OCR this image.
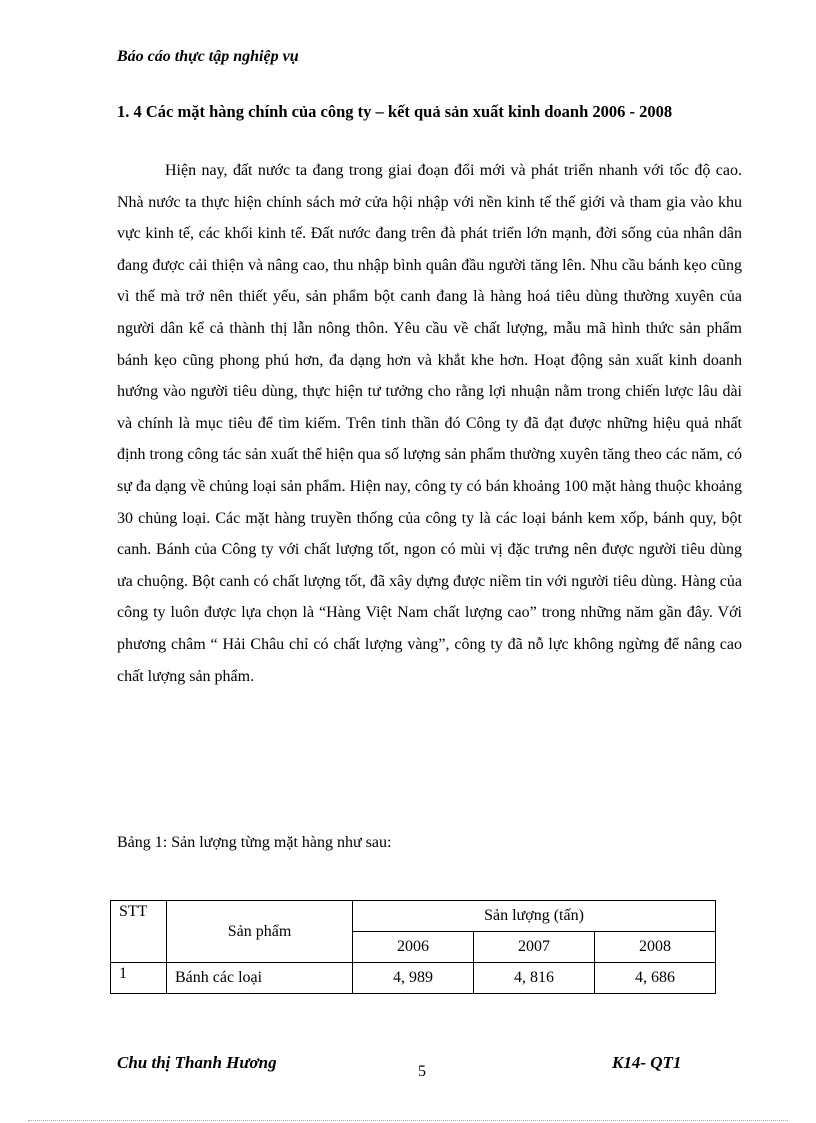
Báo cáo thực tập nghiệp vụ
1. 4 Các mặt hàng chính của công ty – kết quả sản xuất kinh doanh 2006 - 2008
Hiện nay, đất nước ta đang trong giai đoạn đổi mới và phát triển nhanh với tốc độ cao. Nhà nước ta thực hiện chính sách mở cửa hội nhập với nền kinh tế thế giới và tham gia vào khu vực kinh tế, các khối kinh tế. Đất nước đang trên đà phát triển lớn mạnh, đời sống của nhân dân đang được cải thiện và nâng cao, thu nhập bình quân đầu người tăng lên. Nhu cầu bánh kẹo cũng vì thế mà trở nên thiết yếu, sản phẩm bột canh đang là hàng hoá tiêu dùng thường xuyên của người dân kể cả thành thị lẫn nông thôn. Yêu cầu về chất lượng, mẫu mã hình thức sản phẩm bánh kẹo cũng phong phú hơn, đa dạng hơn và khắt khe hơn. Hoạt động sản xuất kinh doanh hướng vào người tiêu dùng, thực hiện tư tưởng cho rằng lợi nhuận nằm trong chiến lược lâu dài và chính là mục tiêu để tìm kiếm. Trên tinh thần đó Công ty đã đạt được những hiệu quả nhất định trong công tác sản xuất thể hiện qua số lượng sản phẩm thường xuyên tăng theo các năm, có sự đa dạng về chủng loại sản phẩm. Hiện nay, công ty có bán khoảng 100 mặt hàng thuộc khoảng 30 chủng loại. Các mặt hàng truyền thống của công ty là các loại bánh kem xốp, bánh quy, bột canh. Bánh của Công ty với chất lượng tốt, ngon có mùi vị đặc trưng nên được người tiêu dùng ưa chuộng. Bột canh có chất lượng tốt, đã xây dựng được niềm tin với người tiêu dùng. Hàng của công ty luôn được lựa chọn là “Hàng Việt Nam chất lượng cao” trong những năm gần đây. Với phương châm “ Hải Châu chỉ có chất lượng vàng”, công ty đã nỗ lực không ngừng để nâng cao chất lượng sản phẩm.
Bảng 1: Sản lượng từng mặt hàng như sau:
STT	Sản phẩm	Sản lượng (tấn)		
		2006	2007	2008
1	Bánh các loại	4, 989	4, 816	4, 686
Chu thị Thanh Hương	5	K14- QT1
